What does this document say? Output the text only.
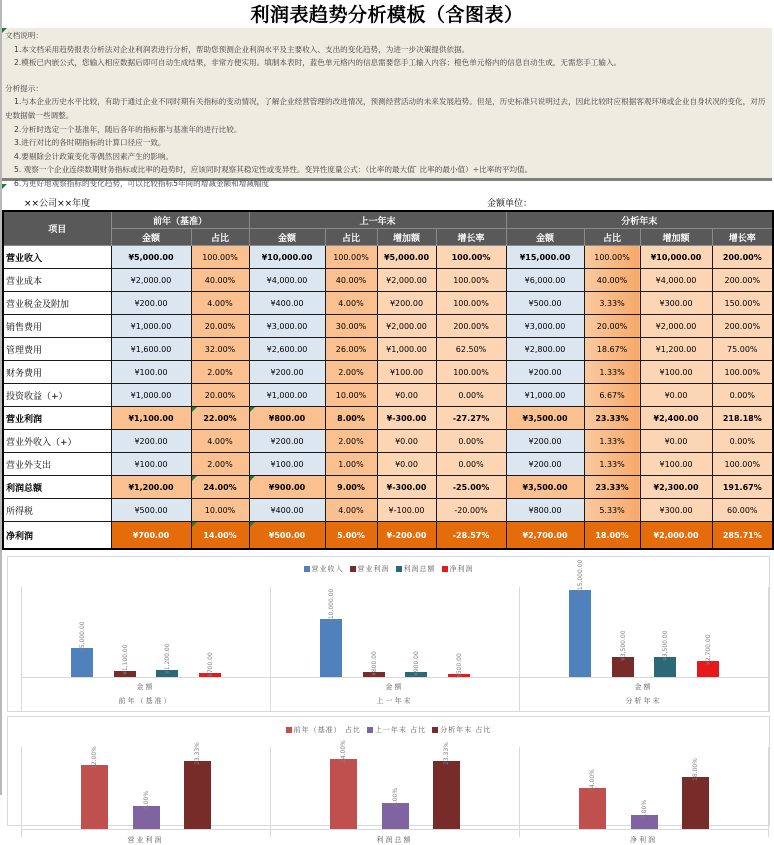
利润表趋势分析模板（含图表）

文档说明：

1.本文档采用趋势报表分析法对企业利润表进行分析，帮助您预测企业利润水平及主要收入、支出的变化趋势，为进一步决策提供依据。

2.模板已内嵌公式，您输入相应数据后即可自动生成结果，非常方便实用。填制本表时，蓝色单元格内的信息需要您手工输入内容；橙色单元格内的信息自动生成，无需您手工输入。

分析提示：

1.与本企业历史水平比较，有助于通过企业不同时期有关指标的变动情况，了解企业经营管理的改进情况，预测经营活动的未来发展趋势。但是，历史标准只说明过去，因此比较时应根据客观环境或企业自身状况的变化，对历史数据做一些调整。

2.分析时选定一个基准年，随后各年的指标都与基准年的进行比较。

3.进行对比的各时期指标的计算口径应一致。

4.要剔除会计政策变化等偶然因素产生的影响。

5. 观察一个企业连续数期财务指标或比率的趋势时，应该同时观察其稳定性或变异性。变异性度量公式：（比率的最大值 ̄ 比率的最小值）÷比率的平均值。

6.为更好地观察指标的变化趋势，可以比较指标5年间的增减金额和增减幅度

××公司××年度	金额单位：
项目	前年（基准）		上一年末				分析年末			
	金额	占比	金额	占比	增加额	增长率	金额	占比	增加额	增长率
营业收入	¥5,000.00	100.00%	¥10,000.00	100.00%	¥5,000.00	100.00%	¥15,000.00	100.00%	¥10,000.00	200.00%
营业成本	¥2,000.00	40.00%	¥4,000.00	40.00%	¥2,000.00	100.00%	¥6,000.00	40.00%	¥4,000.00	200.00%
营业税金及附加	¥200.00	4.00%	¥400.00	4.00%	¥200.00	100.00%	¥500.00	3.33%	¥300.00	150.00%
销售费用	¥1,000.00	20.00%	¥3,000.00	30.00%	¥2,000.00	200.00%	¥3,000.00	20.00%	¥2,000.00	200.00%
管理费用	¥1,600.00	32.00%	¥2,600.00	26.00%	¥1,000.00	62.50%	¥2,800.00	18.67%	¥1,200.00	75.00%
财务费用	¥100.00	2.00%	¥200.00	2.00%	¥100.00	100.00%	¥200.00	1.33%	¥100.00	100.00%
投资收益（+）	¥1,000.00	20.00%	¥1,000.00	10.00%	¥0.00	0.00%	¥1,000.00	6.67%	¥0.00	0.00%
营业利润	¥1,100.00	22.00%	¥800.00	8.00%	¥-300.00	-27.27%	¥3,500.00	23.33%	¥2,400.00	218.18%
营业外收入（+）	¥200.00	4.00%	¥200.00	2.00%	¥0.00	0.00%	¥200.00	1.33%	¥0.00	0.00%
营业外支出	¥100.00	2.00%	¥100.00	1.00%	¥0.00	0.00%	¥200.00	1.33%	¥100.00	100.00%
利润总额	¥1,200.00	24.00%	¥900.00	9.00%	¥-300.00	-25.00%	¥3,500.00	23.33%	¥2,300.00	191.67%
所得税	¥500.00	10.00%	¥400.00	4.00%	¥-100.00	-20.00%	¥800.00	5.33%	¥300.00	60.00%
净利润	¥700.00	14.00%	¥500.00	5.00%	¥-200.00	-28.57%	¥2,700.00	18.00%	¥2,000.00	285.71%
营业收入 营业利润 利润总额 净利润
¥5,000.00
¥1,100.00	¥1,200.00	¥700.00
金额
前年（基准）
¥10,000.00
¥800.00	¥900.00	¥500.00
金额
上一年末
¥15,000.00
¥3,500.00	¥3,500.00	¥2,700.00
金额
分析年末
前年（基准） 占比 上一年末 占比 分析年末 占比
22.00%
8.00%
23.33%
营业利润
24.00%
9.00%
23.33%
利润总额
14.00%
5.00%
18.00%
净利润
